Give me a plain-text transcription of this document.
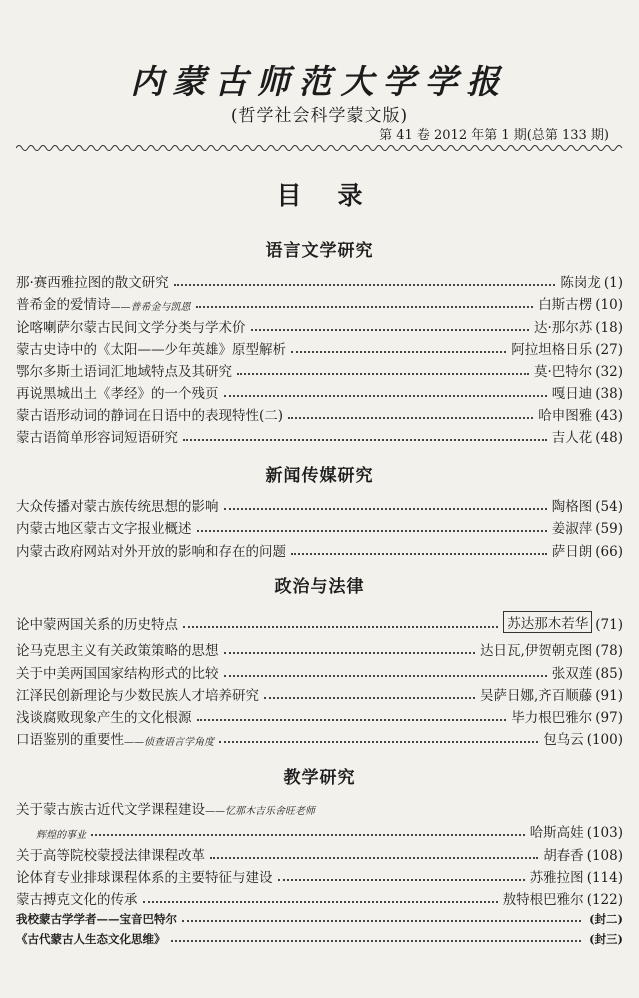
内蒙古师范大学学报
(哲学社会科学蒙文版)
第 41 卷 2012 年第 1 期(总第 133 期)
目录
语言文学研究
那·赛西雅拉图的散文研究	陈岗龙 (1)
普希金的爱情诗 ——普希金与凯恩	白斯古楞 (10)
论喀喇萨尔蒙古民间文学分类与学术价	达·那尔苏 (18)
蒙古史诗中的《太阳——少年英雄》原型解析	阿拉坦格日乐 (27)
鄂尔多斯土语词汇地域特点及其研究	莫·巴特尔 (32)
再说黑城出土《孝经》的一个残页	嘎日迪 (38)
蒙古语形动词的静词在日语中的表现特性(二)	哈申图雅 (43)
蒙古语简单形容词短语研究	吉人花 (48)
新闻传媒研究
大众传播对蒙古族传统思想的影响	陶格图 (54)
内蒙古地区蒙古文字报业概述	姜淑萍 (59)
内蒙古政府网站对外开放的影响和存在的问题	萨日朗 (66)
政治与法律
论中蒙两国关系的历史特点	苏达那木若华 (71)
论马克思主义有关政策策略的思想	达日瓦,伊贺朝克图 (78)
关于中美两国国家结构形式的比较	张双莲 (85)
江泽民创新理论与少数民族人才培养研究	吴萨日娜,齐百顺藤 (91)
浅谈腐败现象产生的文化根源	毕力根巴雅尔 (97)
口语鉴别的重要性 ——侦查语言学角度	包乌云 (100)
教学研究
关于蒙古族古近代文学课程建设——忆那木吉乐舍旺老师
辉煌的事业	哈斯高娃 (103)
关于高等院校蒙授法律课程改革	胡春香 (108)
论体育专业排球课程体系的主要特征与建设	苏雅拉图 (114)
蒙古搏克文化的传承	敖特根巴雅尔 (122)
我校蒙古学学者——宝音巴特尔	(封二)
《古代蒙古人生态文化思维》	(封三)
